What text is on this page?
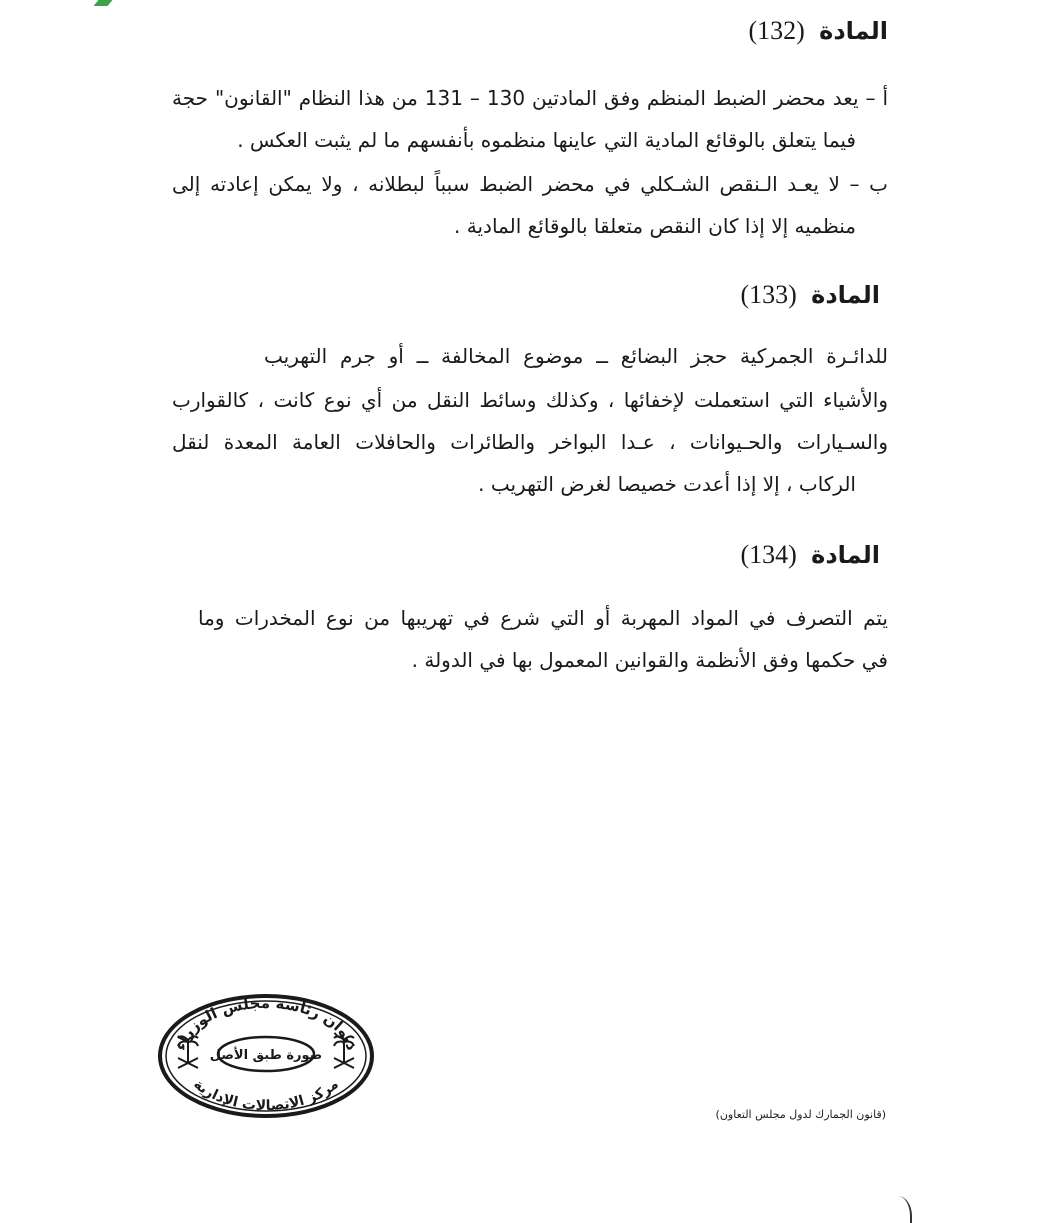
المادة (132)
أ – يعد محضر الضبط المنظم وفق المادتين 130 – 131 من هذا النظام "القانون" حجة
فيما يتعلق بالوقائع المادية التي عاينها منظموه بأنفسهم ما لم يثبت العكس .
ب – لا يعـد الـنقص الشـكلي في محضر الضبط سبباً لبطلانه ، ولا يمكن إعادته إلى
منظميه إلا إذا كان النقص متعلقا بالوقائع المادية .
المادة (133)
للدائـرة الجمركية حجز البضائع ــ موضوع المخالفة ــ أو جرم التهريب
والأشياء التي استعملت لإخفائها ، وكذلك وسائط النقل من أي نوع كانت ، كالقوارب
والسـيارات والحـيوانات ، عـدا البواخر والطائرات والحافلات العامة المعدة لنقل
الركاب ، إلا إذا أعدت خصيصا لغرض التهريب .
المادة (134)
يتم التصرف في المواد المهربة أو التي شرع في تهريبها من نوع المخدرات وما
في حكمها وفق الأنظمة والقوانين المعمول بها في الدولة .
ديوان رئاسة مجلس الوزراء
مركز الاتصالات الإدارية
صورة طبق الأصل
(قانون الجمارك لدول مجلس التعاون)
